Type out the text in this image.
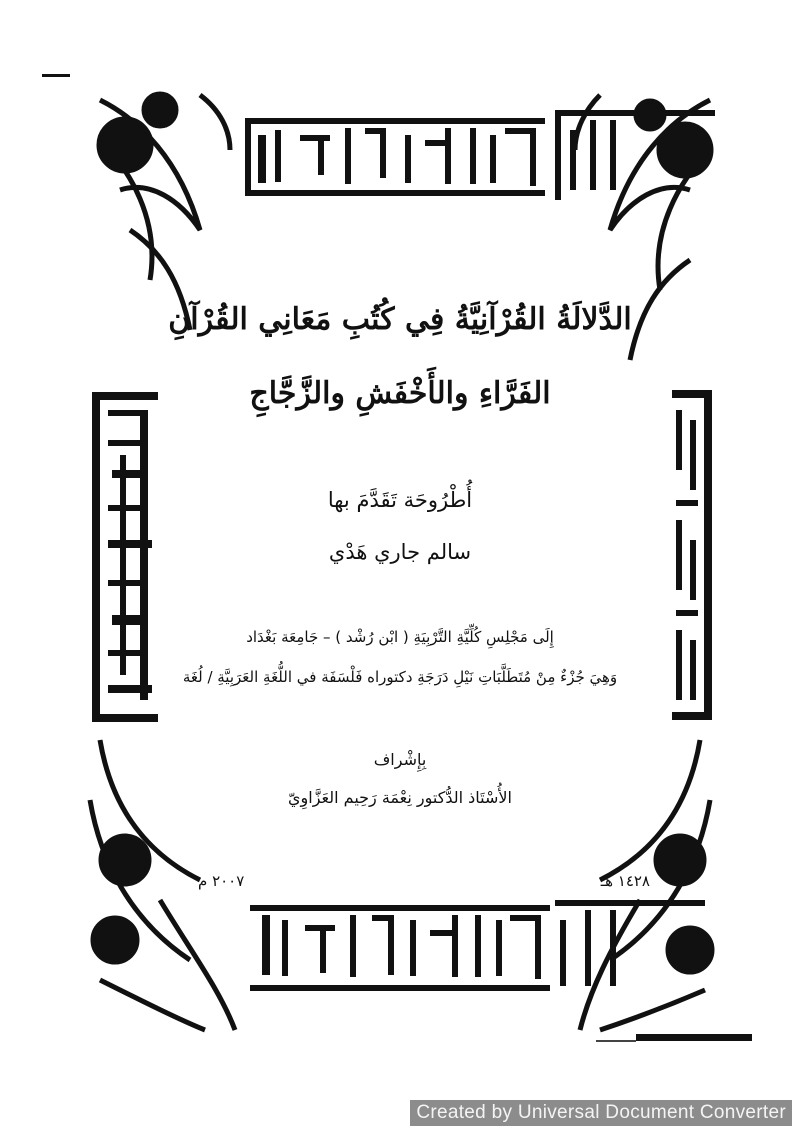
الدَّلالَةُ القُرْآنِيَّةُ فِي كُتُبِ مَعَانِي القُرْآنِ
الفَرَّاءِ والأَخْفَشِ والزَّجَّاجِ
أُطْرُوحَة تَقَدَّمَ بها
سالم جاري هَدْي
إِلَى مَجْلِسِ كُلِّيَّةِ التَّرْبِيَةِ ( ابْن رُشْد ) – جَامِعَة بَغْدَاد
وَهِيَ جُزْءٌ مِنْ مُتَطَلَّبَاتِ نَيْلِ دَرَجَةِ دكتوراه فَلْسَفَة في اللُّغَةِ العَرَبِيَّةِ / لُغَة
بِإِشْراف
الأُسْتَاذ الدُّكتور نِعْمَة رَحِيم العَزَّاوِيّ
١٤٢٨ هـ
٢٠٠٧ م
Created by Universal Document Converter
